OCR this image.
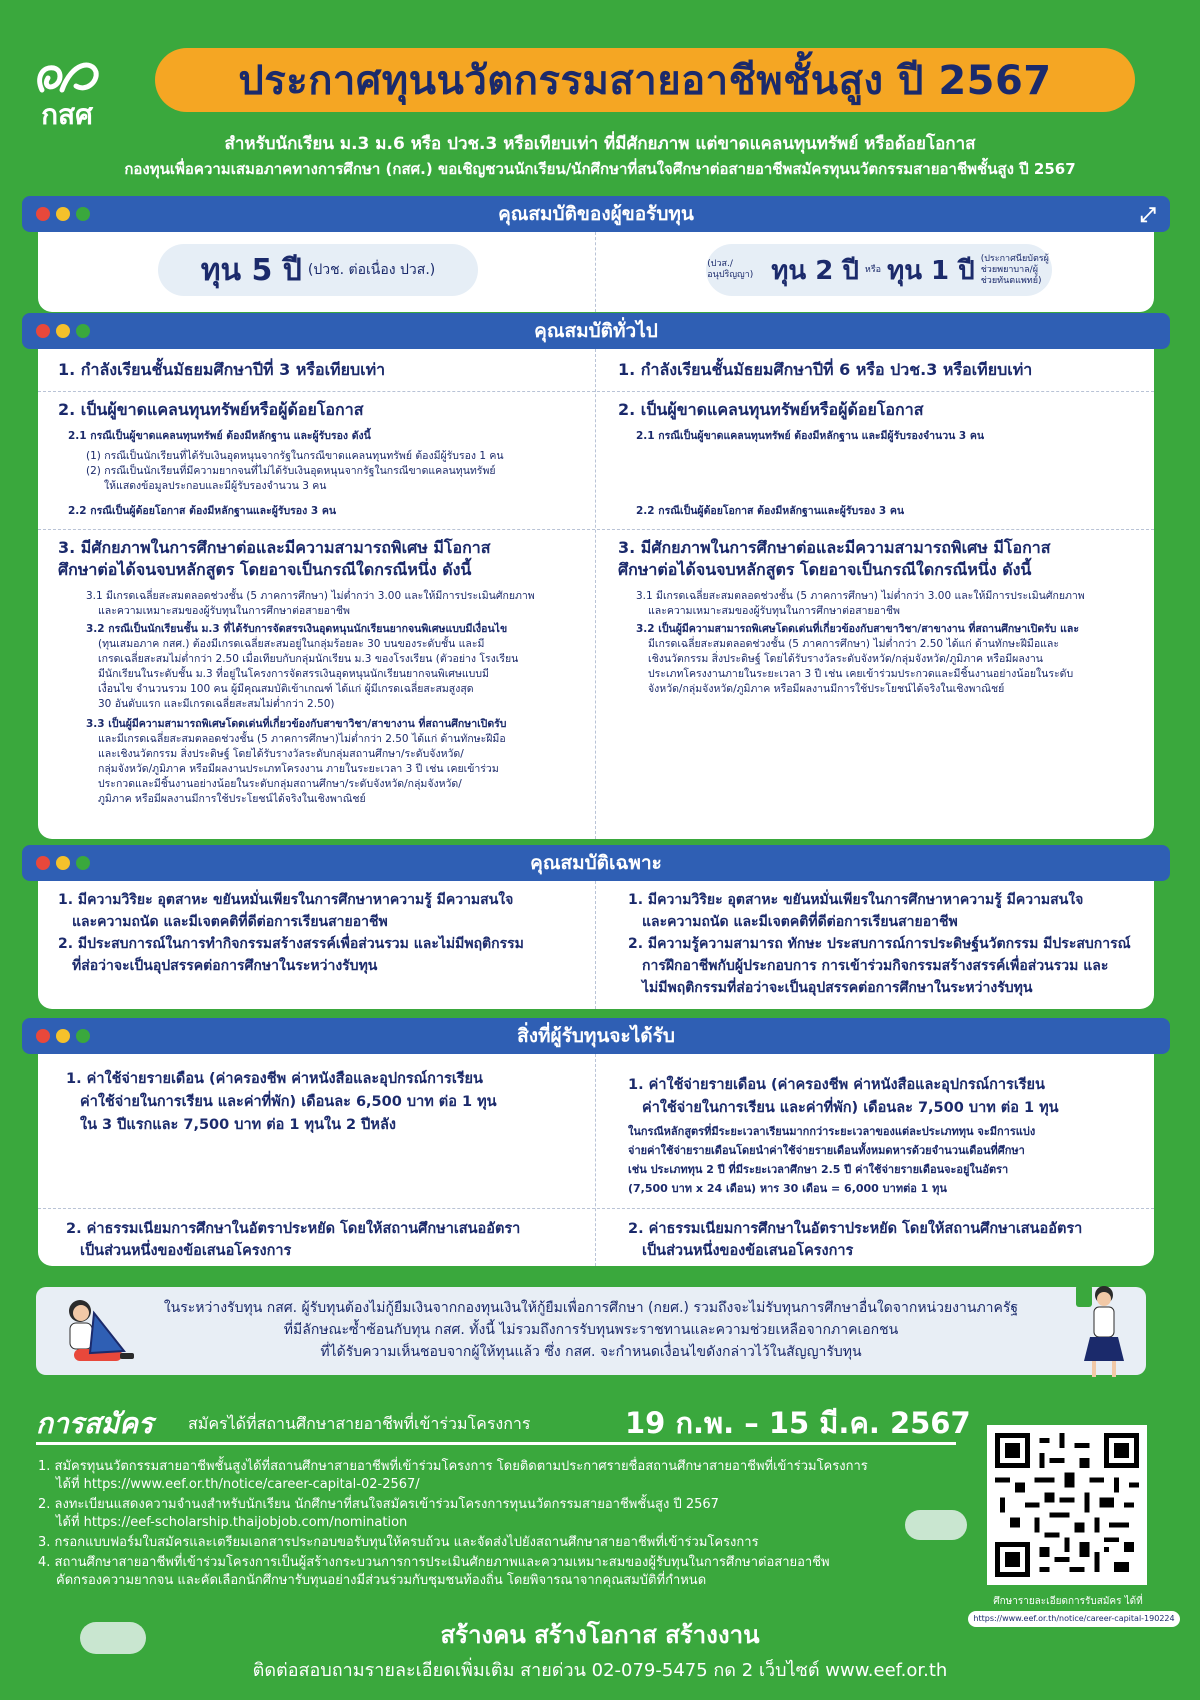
กสศ
ประกาศทุนนวัตกรรมสายอาชีพชั้นสูง ปี 2567
สำหรับนักเรียน ม.3 ม.6 หรือ ปวช.3 หรือเทียบเท่า ที่มีศักยภาพ แต่ขาดแคลนทุนทรัพย์ หรือด้อยโอกาส
กองทุนเพื่อความเสมอภาคทางการศึกษา (กสศ.) ขอเชิญชวนนักเรียน/นักศึกษาที่สนใจศึกษาต่อสายอาชีพสมัครทุนนวัตกรรมสายอาชีพชั้นสูง ปี 2567
คุณสมบัติของผู้ขอรับทุน	⤢
ทุน 5 ปี (ปวช. ต่อเนื่อง ปวส.)	(ปวส./อนุปริญญา) ทุน 2 ปี หรือ ทุน 1 ปี (ประกาศนียบัตรผู้ช่วยพยาบาล/ผู้ช่วยทันตแพทย์)
คุณสมบัติทั่วไป
1. กำลังเรียนชั้นมัธยมศึกษาปีที่ 3 หรือเทียบเท่า
2. เป็นผู้ขาดแคลนทุนทรัพย์หรือผู้ด้อยโอกาส
2.1 กรณีเป็นผู้ขาดแคลนทุนทรัพย์ ต้องมีหลักฐาน และผู้รับรอง ดังนี้
(1) กรณีเป็นนักเรียนที่ได้รับเงินอุดหนุนจากรัฐในกรณีขาดแคลนทุนทรัพย์ ต้องมีผู้รับรอง 1 คน
(2) กรณีเป็นนักเรียนที่มีความยากจนที่ไม่ได้รับเงินอุดหนุนจากรัฐในกรณีขาดแคลนทุนทรัพย์
ให้แสดงข้อมูลประกอบและมีผู้รับรองจำนวน 3 คน
2.2 กรณีเป็นผู้ด้อยโอกาส ต้องมีหลักฐานและผู้รับรอง 3 คน
3. มีศักยภาพในการศึกษาต่อและมีความสามารถพิเศษ มีโอกาส
ศึกษาต่อได้จนจบหลักสูตร โดยอาจเป็นกรณีใดกรณีหนึ่ง ดังนี้
3.1 มีเกรดเฉลี่ยสะสมตลอดช่วงชั้น (5 ภาคการศึกษา) ไม่ต่ำกว่า 3.00 และให้มีการประเมินศักยภาพ
และความเหมาะสมของผู้รับทุนในการศึกษาต่อสายอาชีพ
3.2 กรณีเป็นนักเรียนชั้น ม.3 ที่ได้รับการจัดสรรเงินอุดหนุนนักเรียนยากจนพิเศษแบบมีเงื่อนไข
(ทุนเสมอภาค กสศ.) ต้องมีเกรดเฉลี่ยสะสมอยู่ในกลุ่มร้อยละ 30 บนของระดับชั้น และมี
เกรดเฉลี่ยสะสมไม่ต่ำกว่า 2.50 เมื่อเทียบกับกลุ่มนักเรียน ม.3 ของโรงเรียน (ตัวอย่าง โรงเรียน
มีนักเรียนในระดับชั้น ม.3 ที่อยู่ในโครงการจัดสรรเงินอุดหนุนนักเรียนยากจนพิเศษแบบมี
เงื่อนไข จำนวนรวม 100 คน ผู้มีคุณสมบัติเข้าเกณฑ์ ได้แก่ ผู้มีเกรดเฉลี่ยสะสมสูงสุด
30 อันดับแรก และมีเกรดเฉลี่ยสะสมไม่ต่ำกว่า 2.50)
3.3 เป็นผู้มีความสามารถพิเศษโดดเด่นที่เกี่ยวข้องกับสาขาวิชา/สาขางาน ที่สถานศึกษาเปิดรับ
และมีเกรดเฉลี่ยสะสมตลอดช่วงชั้น (5 ภาคการศึกษา)ไม่ต่ำกว่า 2.50 ได้แก่ ด้านทักษะฝีมือ
และเชิงนวัตกรรม สิ่งประดิษฐ์ โดยได้รับรางวัลระดับกลุ่มสถานศึกษา/ระดับจังหวัด/
กลุ่มจังหวัด/ภูมิภาค หรือมีผลงานประเภทโครงงาน ภายในระยะเวลา 3 ปี เช่น เคยเข้าร่วม
ประกวดและมีชิ้นงานอย่างน้อยในระดับกลุ่มสถานศึกษา/ระดับจังหวัด/กลุ่มจังหวัด/
ภูมิภาค หรือมีผลงานมีการใช้ประโยชน์ได้จริงในเชิงพาณิชย์
1. กำลังเรียนชั้นมัธยมศึกษาปีที่ 6 หรือ ปวช.3 หรือเทียบเท่า
2. เป็นผู้ขาดแคลนทุนทรัพย์หรือผู้ด้อยโอกาส
2.1 กรณีเป็นผู้ขาดแคลนทุนทรัพย์ ต้องมีหลักฐาน และมีผู้รับรองจำนวน 3 คน
2.2 กรณีเป็นผู้ด้อยโอกาส ต้องมีหลักฐานและผู้รับรอง 3 คน
3. มีศักยภาพในการศึกษาต่อและมีความสามารถพิเศษ มีโอกาส
ศึกษาต่อได้จนจบหลักสูตร โดยอาจเป็นกรณีใดกรณีหนึ่ง ดังนี้
3.1 มีเกรดเฉลี่ยสะสมตลอดช่วงชั้น (5 ภาคการศึกษา) ไม่ต่ำกว่า 3.00 และให้มีการประเมินศักยภาพ
และความเหมาะสมของผู้รับทุนในการศึกษาต่อสายอาชีพ
3.2 เป็นผู้มีความสามารถพิเศษโดดเด่นที่เกี่ยวข้องกับสาขาวิชา/สาขางาน ที่สถานศึกษาเปิดรับ และ
มีเกรดเฉลี่ยสะสมตลอดช่วงชั้น (5 ภาคการศึกษา) ไม่ต่ำกว่า 2.50 ได้แก่ ด้านทักษะฝีมือและ
เชิงนวัตกรรม สิ่งประดิษฐ์ โดยได้รับรางวัลระดับจังหวัด/กลุ่มจังหวัด/ภูมิภาค หรือมีผลงาน
ประเภทโครงงานภายในระยะเวลา 3 ปี เช่น เคยเข้าร่วมประกวดและมีชิ้นงานอย่างน้อยในระดับ
จังหวัด/กลุ่มจังหวัด/ภูมิภาค หรือมีผลงานมีการใช้ประโยชน์ได้จริงในเชิงพาณิชย์
คุณสมบัติเฉพาะ
1. มีความวิริยะ อุตสาหะ ขยันหมั่นเพียรในการศึกษาหาความรู้ มีความสนใจ
และความถนัด และมีเจตคติที่ดีต่อการเรียนสายอาชีพ
2. มีประสบการณ์ในการทำกิจกรรมสร้างสรรค์เพื่อส่วนรวม และไม่มีพฤติกรรม
ที่ส่อว่าจะเป็นอุปสรรคต่อการศึกษาในระหว่างรับทุน
1. มีความวิริยะ อุตสาหะ ขยันหมั่นเพียรในการศึกษาหาความรู้ มีความสนใจ
และความถนัด และมีเจตคติที่ดีต่อการเรียนสายอาชีพ
2. มีความรู้ความสามารถ ทักษะ ประสบการณ์การประดิษฐ์นวัตกรรม มีประสบการณ์
การฝึกอาชีพกับผู้ประกอบการ การเข้าร่วมกิจกรรมสร้างสรรค์เพื่อส่วนรวม และ
ไม่มีพฤติกรรมที่ส่อว่าจะเป็นอุปสรรคต่อการศึกษาในระหว่างรับทุน
สิ่งที่ผู้รับทุนจะได้รับ
1. ค่าใช้จ่ายรายเดือน (ค่าครองชีพ ค่าหนังสือและอุปกรณ์การเรียน
ค่าใช้จ่ายในการเรียน และค่าที่พัก) เดือนละ 6,500 บาท ต่อ 1 ทุน
ใน 3 ปีแรกและ 7,500 บาท ต่อ 1 ทุนใน 2 ปีหลัง
2. ค่าธรรมเนียมการศึกษาในอัตราประหยัด โดยให้สถานศึกษาเสนออัตรา
เป็นส่วนหนึ่งของข้อเสนอโครงการ
1. ค่าใช้จ่ายรายเดือน (ค่าครองชีพ ค่าหนังสือและอุปกรณ์การเรียน
ค่าใช้จ่ายในการเรียน และค่าที่พัก) เดือนละ 7,500 บาท ต่อ 1 ทุน
ในกรณีหลักสูตรที่มีระยะเวลาเรียนมากกว่าระยะเวลาของแต่ละประเภททุน จะมีการแบ่ง
จ่ายค่าใช้จ่ายรายเดือนโดยนำค่าใช้จ่ายรายเดือนทั้งหมดหารด้วยจำนวนเดือนที่ศึกษา
เช่น ประเภททุน 2 ปี ที่มีระยะเวลาศึกษา 2.5 ปี ค่าใช้จ่ายรายเดือนจะอยู่ในอัตรา
(7,500 บาท x 24 เดือน) หาร 30 เดือน = 6,000 บาทต่อ 1 ทุน
2. ค่าธรรมเนียมการศึกษาในอัตราประหยัด โดยให้สถานศึกษาเสนออัตรา
เป็นส่วนหนึ่งของข้อเสนอโครงการ
ในระหว่างรับทุน กสศ. ผู้รับทุนต้องไม่กู้ยืมเงินจากกองทุนเงินให้กู้ยืมเพื่อการศึกษา (กยศ.) รวมถึงจะไม่รับทุนการศึกษาอื่นใดจากหน่วยงานภาครัฐ
ที่มีลักษณะซ้ำซ้อนกับทุน กสศ. ทั้งนี้ ไม่รวมถึงการรับทุนพระราชทานและความช่วยเหลือจากภาคเอกชน
ที่ได้รับความเห็นชอบจากผู้ให้ทุนแล้ว ซึ่ง กสศ. จะกำหนดเงื่อนไขดังกล่าวไว้ในสัญญารับทุน
การสมัคร สมัครได้ที่สถานศึกษาสายอาชีพที่เข้าร่วมโครงการ	19 ก.พ. – 15 มี.ค. 2567
1. สมัครทุนนวัตกรรมสายอาชีพชั้นสูงได้ที่สถานศึกษาสายอาชีพที่เข้าร่วมโครงการ โดยติดตามประกาศรายชื่อสถานศึกษาสายอาชีพที่เข้าร่วมโครงการ
ได้ที่ https://www.eef.or.th/notice/career-capital-02-2567/
2. ลงทะเบียนแสดงความจำนงสำหรับนักเรียน นักศึกษาที่สนใจสมัครเข้าร่วมโครงการทุนนวัตกรรมสายอาชีพชั้นสูง ปี 2567
ได้ที่ https://eef-scholarship.thaijobjob.com/nomination
3. กรอกแบบฟอร์มใบสมัครและเตรียมเอกสารประกอบขอรับทุนให้ครบถ้วน และจัดส่งไปยังสถานศึกษาสายอาชีพที่เข้าร่วมโครงการ
4. สถานศึกษาสายอาชีพที่เข้าร่วมโครงการเป็นผู้สร้างกระบวนการการประเมินศักยภาพและความเหมาะสมของผู้รับทุนในการศึกษาต่อสายอาชีพ
คัดกรองความยากจน และคัดเลือกนักศึกษารับทุนอย่างมีส่วนร่วมกับชุมชนท้องถิ่น โดยพิจารณาจากคุณสมบัติที่กำหนด
ศึกษารายละเอียดการรับสมัคร ได้ที่
https://www.eef.or.th/notice/career-capital-190224
สร้างคน สร้างโอกาส สร้างงาน
ติดต่อสอบถามรายละเอียดเพิ่มเติม สายด่วน 02-079-5475 กด 2 เว็บไซต์ www.eef.or.th
